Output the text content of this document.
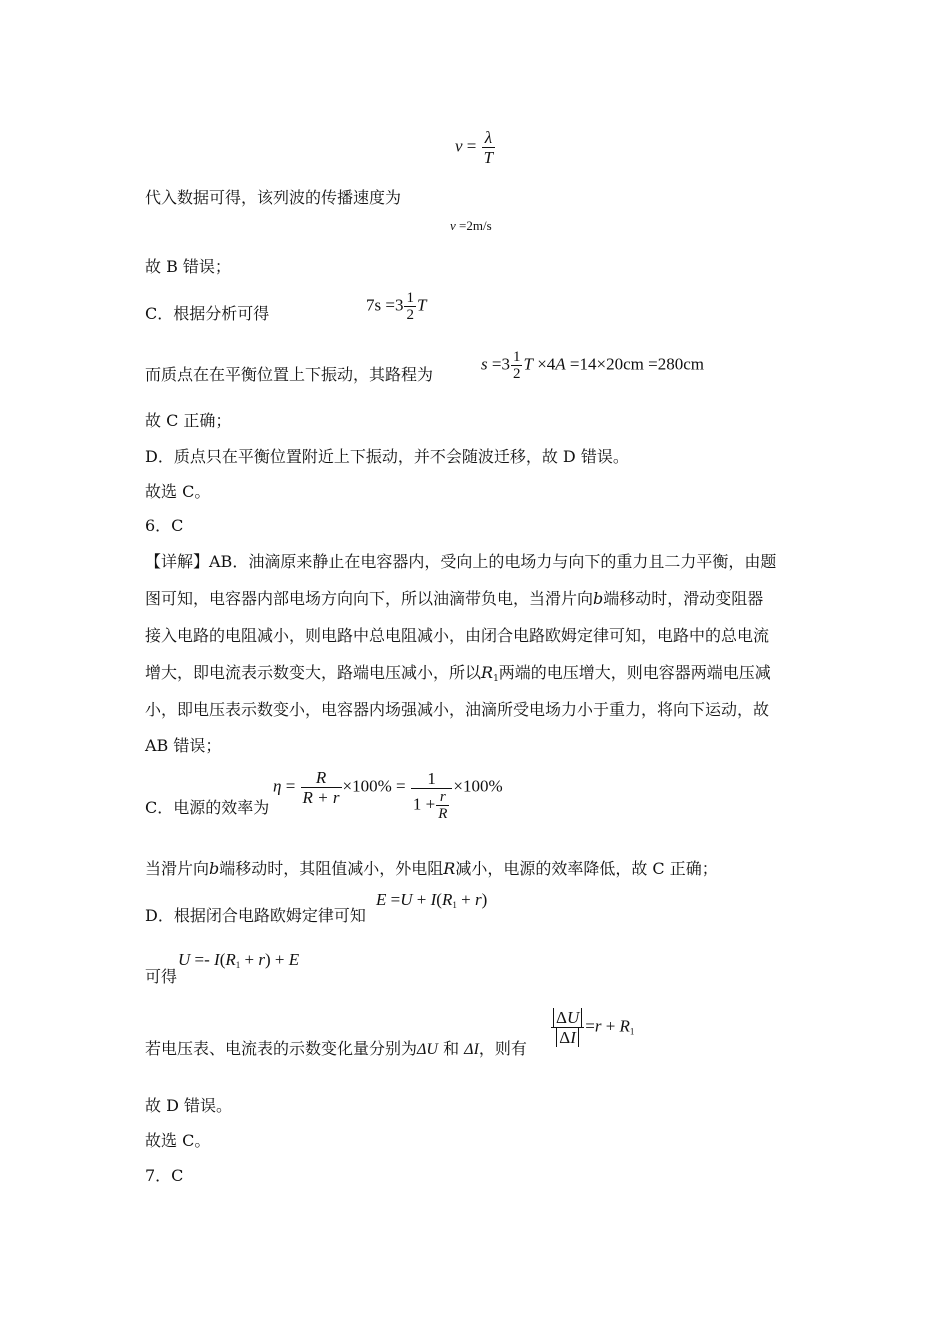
$v = \frac{\lambda}{T}$
代入数据可得，该列波的传播速度为
v =2m/s
故 B 错误；
C．根据分析可得	$7s =3 \frac{1}{2}$ T
而质点在在平衡位置上下振动，其路程为
$s =3 \frac{1}{2}$ T ×4A =14×20cm =280cm
故 C 正确；
D．质点只在平衡位置附近上下振动，并不会随波迁移，故 D 错误。
故选 C。
6．C
【详解】AB．油滴原来静止在电容器内，受向上的电场力与向下的重力且二力平衡，由题
图可知，电容器内部电场方向向下，所以油滴带负电，当滑片向b端移动时，滑动变阻器
接入电路的电阻减小，则电路中总电阻减小，由闭合电路欧姆定律可知，电路中的总电流
增大，即电流表示数变大，路端电压减小，所以$R_1$两端的电压增大，则电容器两端电压减
小，即电压表示数变小，电容器内场强减小，油滴所受电场力小于重力，将向下运动，故
AB 错误；
C．电源的效率为
$\eta = \frac{R}{R + r} \times 100\% = \frac{1}{1 + \frac{r}{R}} \times 100\%$
当滑片向b端移动时，其阻值减小，外电阻R减小，电源的效率降低，故 C 正确；
D．根据闭合电路欧姆定律可知
$E =U + I(R_1 + r)$
可得
$U =- I(R_1 + r) + E$
若电压表、电流表的示数变化量分别为ΔU 和 ΔI，则有
$\frac{\Delta U}{\Delta I} =r + R_1$
故 D 错误。
故选 C。
7．C
